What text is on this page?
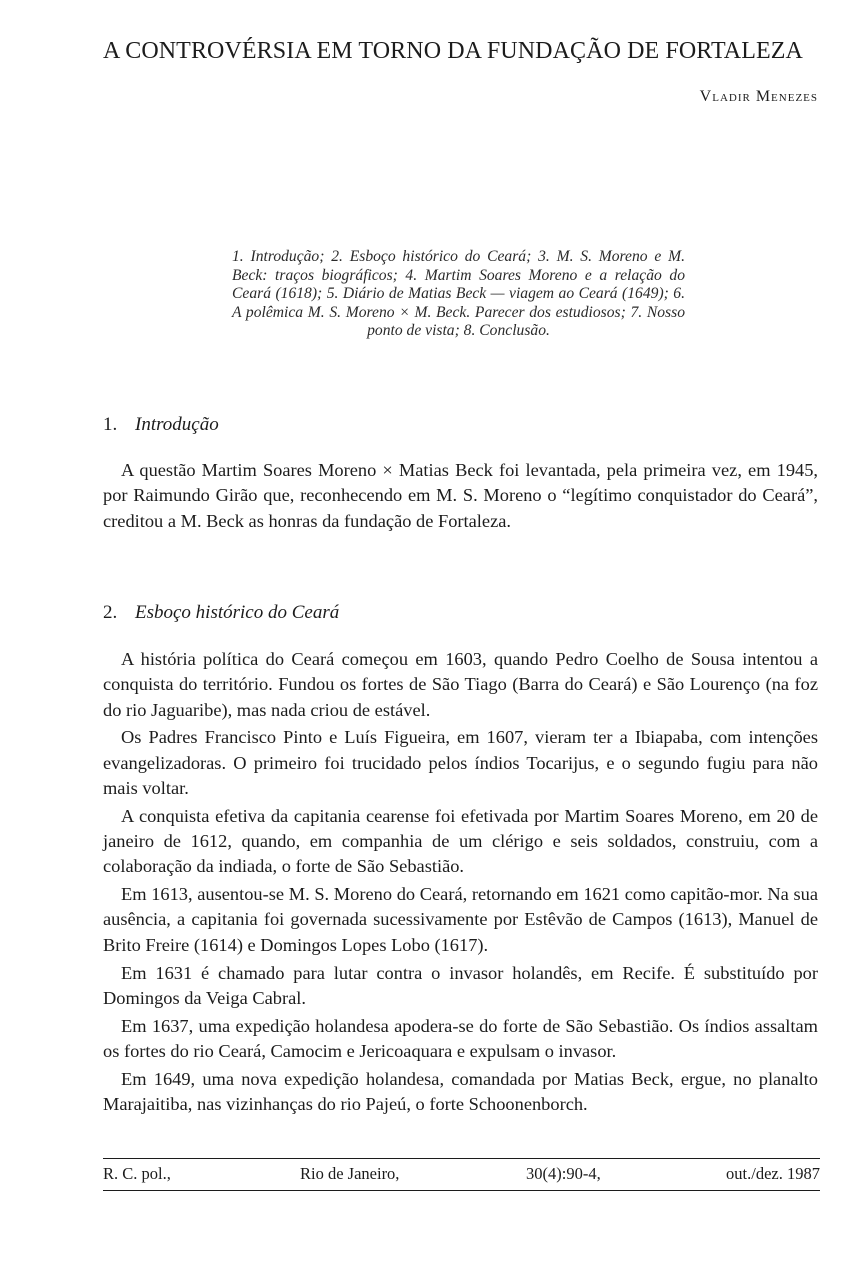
A CONTROVÉRSIA EM TORNO DA FUNDAÇÃO DE FORTALEZA
Vladir Menezes
1. Introdução; 2. Esboço histórico do Ceará; 3. M. S. Moreno e M. Beck: traços biográficos; 4. Martim Soares Moreno e a relação do Ceará (1618); 5. Diário de Matias Beck — viagem ao Ceará (1649); 6. A polêmica M. S. Moreno × M. Beck. Parecer dos estudiosos; 7. Nosso ponto de vista; 8. Conclusão.
1. Introdução

A questão Martim Soares Moreno × Matias Beck foi levantada, pela primeira vez, em 1945, por Raimundo Girão que, reconhecendo em M. S. Moreno o “legítimo conquistador do Ceará”, creditou a M. Beck as honras da fundação de Fortaleza.

2. Esboço histórico do Ceará

A história política do Ceará começou em 1603, quando Pedro Coelho de Sousa intentou a conquista do território. Fundou os fortes de São Tiago (Barra do Ceará) e São Lourenço (na foz do rio Jaguaribe), mas nada criou de estável.

Os Padres Francisco Pinto e Luís Figueira, em 1607, vieram ter a Ibiapaba, com intenções evangelizadoras. O primeiro foi trucidado pelos índios Tocarijus, e o segundo fugiu para não mais voltar.

A conquista efetiva da capitania cearense foi efetivada por Martim Soares Moreno, em 20 de janeiro de 1612, quando, em companhia de um clérigo e seis soldados, construiu, com a colaboração da indiada, o forte de São Sebastião.

Em 1613, ausentou-se M. S. Moreno do Ceará, retornando em 1621 como capitão-mor. Na sua ausência, a capitania foi governada sucessivamente por Estêvão de Campos (1613), Manuel de Brito Freire (1614) e Domingos Lopes Lobo (1617).

Em 1631 é chamado para lutar contra o invasor holandês, em Recife. É substituído por Domingos da Veiga Cabral.

Em 1637, uma expedição holandesa apodera-se do forte de São Sebastião. Os índios assaltam os fortes do rio Ceará, Camocim e Jericoaquara e expulsam o invasor.

Em 1649, uma nova expedição holandesa, comandada por Matias Beck, ergue, no planalto Marajaitiba, nas vizinhanças do rio Pajeú, o forte Schoonenborch.

R. C. pol.,	Rio de Janeiro,	30(4):90-4,	out./dez. 1987
